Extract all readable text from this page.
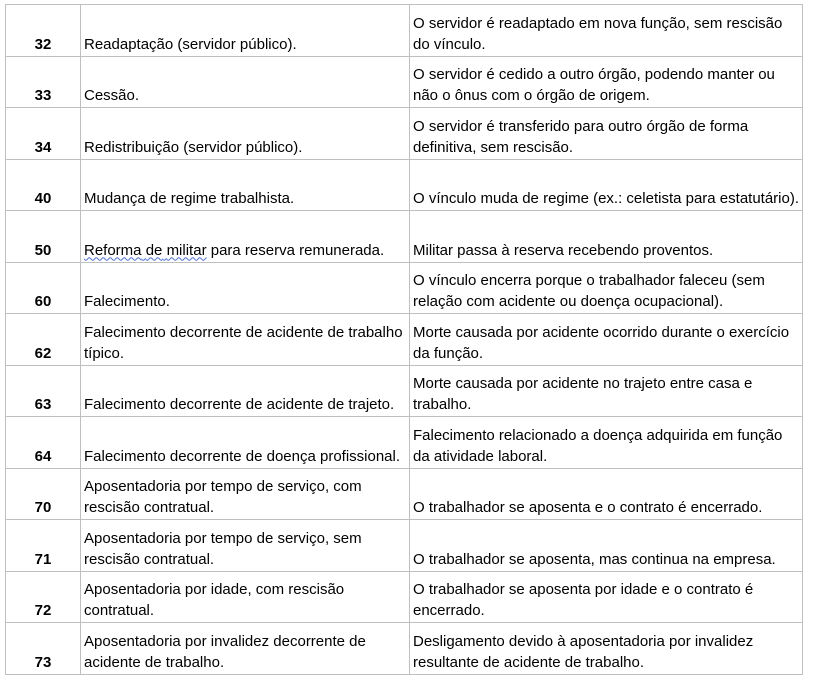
32	Readaptação (servidor público).	O servidor é readaptado em nova função, sem rescisão do vínculo.
33	Cessão.	O servidor é cedido a outro órgão, podendo manter ou não o ônus com o órgão de origem.
34	Redistribuição (servidor público).	O servidor é transferido para outro órgão de forma definitiva, sem rescisão.
40	Mudança de regime trabalhista.	O vínculo muda de regime (ex.: celetista para estatutário).
50	Reforma de militar para reserva remunerada.	Militar passa à reserva recebendo proventos.
60	Falecimento.	O vínculo encerra porque o trabalhador faleceu (sem relação com acidente ou doença ocupacional).
62	Falecimento decorrente de acidente de trabalho típico.	Morte causada por acidente ocorrido durante o exercício da função.
63	Falecimento decorrente de acidente de trajeto.	Morte causada por acidente no trajeto entre casa e trabalho.
64	Falecimento decorrente de doença profissional.	Falecimento relacionado a doença adquirida em função da atividade laboral.
70	Aposentadoria por tempo de serviço, com rescisão contratual.	O trabalhador se aposenta e o contrato é encerrado.
71	Aposentadoria por tempo de serviço, sem rescisão contratual.	O trabalhador se aposenta, mas continua na empresa.
72	Aposentadoria por idade, com rescisão contratual.	O trabalhador se aposenta por idade e o contrato é encerrado.
73	Aposentadoria por invalidez decorrente de acidente de trabalho.	Desligamento devido à aposentadoria por invalidez resultante de acidente de trabalho.
